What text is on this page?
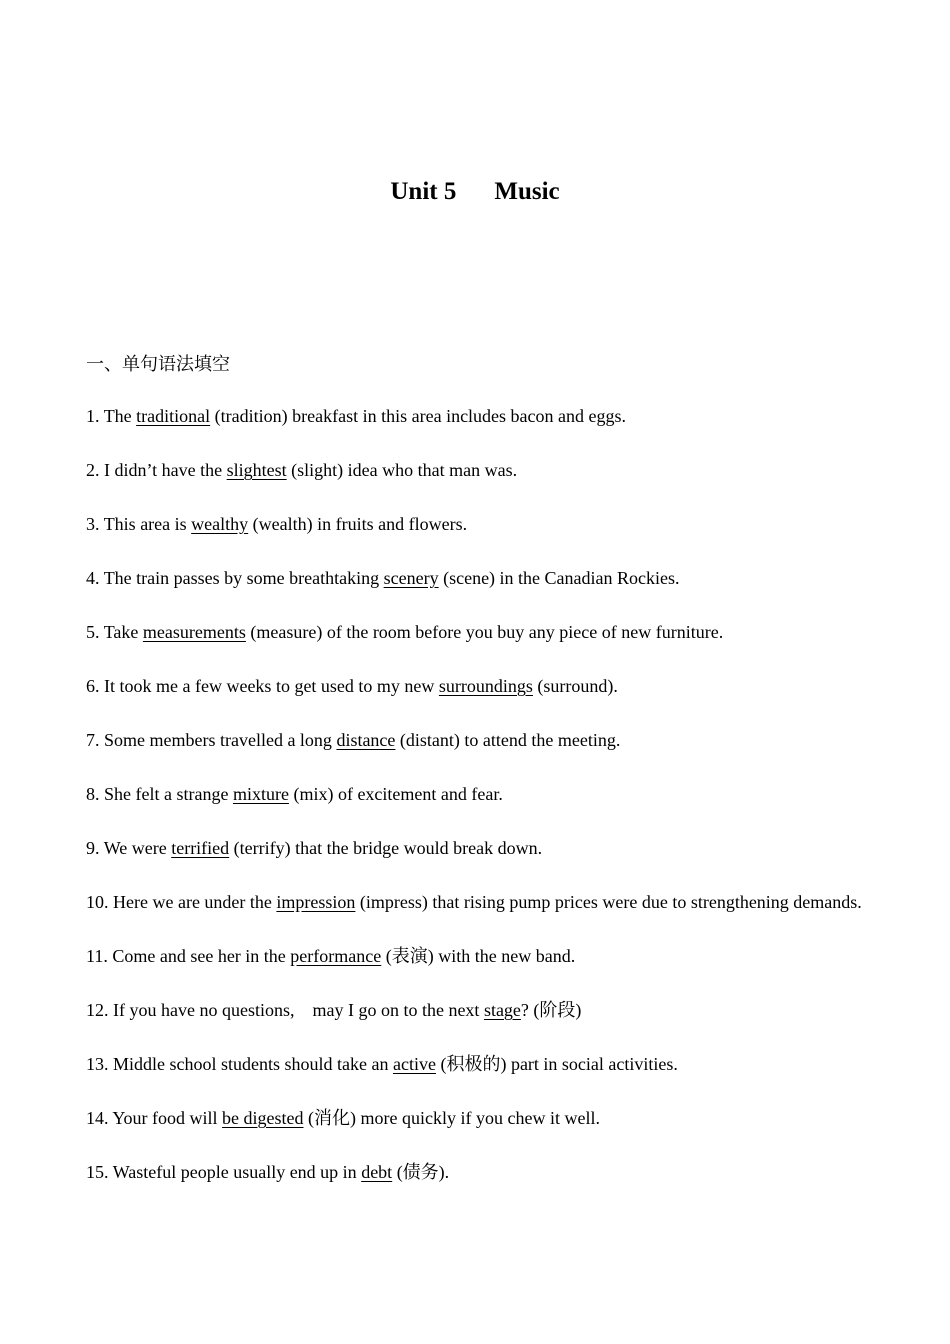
Unit 5 Music
一、单句语法填空
1. The traditional (tradition) breakfast in this area includes bacon and eggs.
2. I didn’t have the slightest (slight) idea who that man was.
3. This area is wealthy (wealth) in fruits and flowers.
4. The train passes by some breathtaking scenery (scene) in the Canadian Rockies.
5. Take measurements (measure) of the room before you buy any piece of new furniture.
6. It took me a few weeks to get used to my new surroundings (surround).
7. Some members travelled a long distance (distant) to attend the meeting.
8. She felt a strange mixture (mix) of excitement and fear.
9. We were terrified (terrify) that the bridge would break down.
10. Here we are under the impression (impress) that rising pump prices were due to strengthening demands.
11. Come and see her in the performance (表演) with the new band.
12. If you have no questions,　may I go on to the next stage? (阶段)
13. Middle school students should take an active (积极的) part in social activities.
14. Your food will be digested (消化) more quickly if you chew it well.
15. Wasteful people usually end up in debt (债务).
